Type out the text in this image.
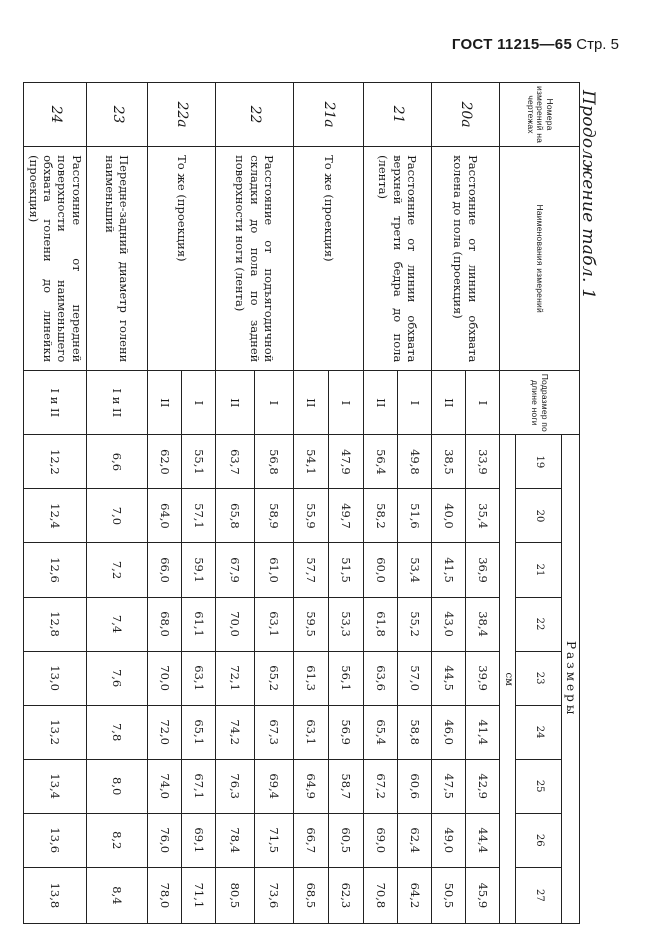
ГОСТ 11215—65 Стр. 5
Продолжение табл. 1
Номера измерений на чертежах	Наименования измерений	Подразмер по длине ноги	Размеры								
			19	20	21	22	23	24	25	26	27
			см								
20а	Расстояние от линии обхвата колена до пола (проекция)	I	33,9	35,4	36,9	38,4	39,9	41,4	42,9	44,4	45,9
		II	38,5	40,0	41,5	43,0	44,5	46,0	47,5	49,0	50,5
21	Расстояние от линии обхвата верхней трети бедра до пола (лента)	I	49,8	51,6	53,4	55,2	57,0	58,8	60,6	62,4	64,2
		II	56,4	58,2	60,0	61,8	63,6	65,4	67,2	69,0	70,8
21а	То же (проекция)	I	47,9	49,7	51,5	53,3	56,1	56,9	58,7	60,5	62,3
		II	54,1	55,9	57,7	59,5	61,3	63,1	64,9	66,7	68,5
22	Расстояние от подъягодичной складки до пола по задней поверхности ноги (лента)	I	56,8	58,9	61,0	63,1	65,2	67,3	69,4	71,5	73,6
		II	63,7	65,8	67,9	70,0	72,1	74,2	76,3	78,4	80,5
22а	То же (проекция)	I	55,1	57,1	59,1	61,1	63,1	65,1	67,1	69,1	71,1
		II	62,0	64,0	66,0	68,0	70,0	72,0	74,0	76,0	78,0
23	Передне-задний диаметр голени наименьший	I и II	6,6	7,0	7,2	7,4	7,6	7,8	8,0	8,2	8,4
24	Расстояние от передней поверхности наименьшего обхвата голени до линейки (проекция)	I и II	12,2	12,4	12,6	12,8	13,0	13,2	13,4	13,6	13,8
